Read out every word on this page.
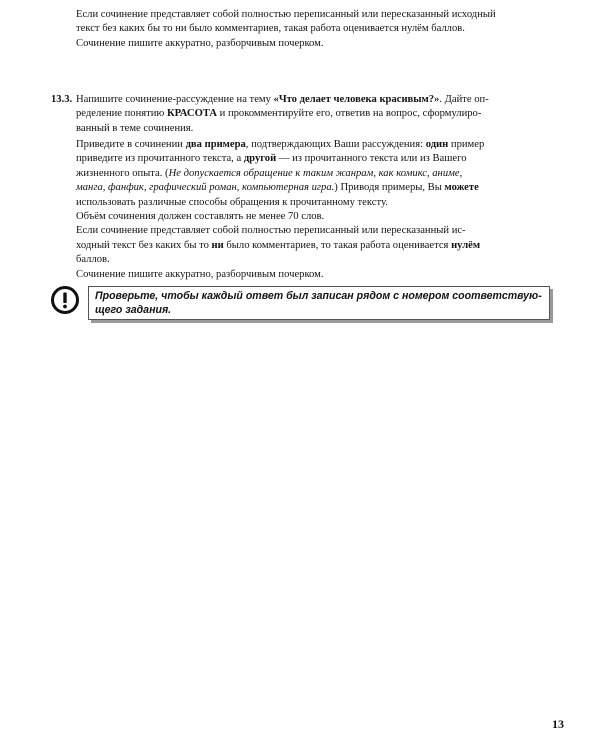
Если сочинение представляет собой полностью переписанный или пересказанный исходный
текст без каких бы то ни было комментариев, такая работа оценивается нулём баллов.
Сочинение пишите аккуратно, разборчивым почерком.
13.3. Напишите сочинение-рассуждение на тему «Что делает человека красивым?». Дайте оп-
ределение понятию КРАСОТА и прокомментируйте его, ответив на вопрос, сформулиро-
ванный в теме сочинения.
Приведите в сочинении два примера, подтверждающих Ваши рассуждения: один пример
приведите из прочитанного текста, а другой — из прочитанного текста или из Вашего
жизненного опыта. (Не допускается обращение к таким жанрам, как комикс, аниме,
манга, фанфик, графический роман, компьютерная игра.) Приводя примеры, Вы можете
использовать различные способы обращения к прочитанному тексту.
Объём сочинения должен составлять не менее 70 слов.
Если сочинение представляет собой полностью переписанный или пересказанный ис-
ходный текст без каких бы то ни было комментариев, то такая работа оценивается нулём
баллов.
Сочинение пишите аккуратно, разборчивым почерком.
Проверьте, чтобы каждый ответ был записан рядом с номером соответствую-
щего задания.
13
